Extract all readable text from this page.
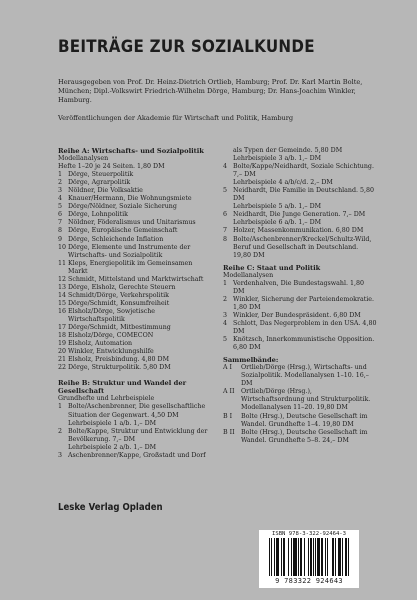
BEITRÄGE ZUR SOZIALKUNDE

Herausgegeben von Prof. Dr. Heinz-Dietrich Ortlieb, Hamburg; Prof. Dr. Karl Martin Bolte, München; Dipl.-Volkswirt Friedrich-Wilhelm Dörge, Hamburg; Dr. Hans-Joachim Winkler, Hamburg.

Veröffentlichungen der Akademie für Wirtschaft und Politik, Hamburg

Reihe A: Wirtschafts- und Sozialpolitik

Modellanalysen

Hefte 1–20 je 24 Seiten. 1,80 DM

1 Dörge, Steuerpolitik
2 Dörge, Agrarpolitik
3 Nöldner, Die Volksaktie
4 Knauer/Hermann, Die Wohnungsmiete
5 Dörge/Nöldner, Soziale Sicherung
6 Dörge, Lohnpolitik
7 Nöldner, Föderalismus und Unitarismus
8 Dörge, Europäische Gemeinschaft
9 Dörge, Schleichende Inflation
10 Dörge, Elemente und Instrumente der Wirtschafts- und Sozialpolitik
11 Kleps, Energiepolitik im Gemeinsamen Markt
12 Schmidt, Mittelstand und Marktwirtschaft
13 Dörge, Elsholz, Gerechte Steuern
14 Schmidt/Dörge, Verkehrspolitik
15 Dörge/Schmidt, Konsumfreiheit
16 Elsholz/Dörge, Sowjetische Wirtschaftspolitik
17 Dörge/Schmidt, Mitbestimmung
18 Elsholz/Dörge, COMECON
19 Elsholz, Automation
20 Winkler, Entwicklungshilfe
21 Elsholz, Preisbindung. 4,80 DM
22 Dörge, Strukturpolitik. 5,80 DM

Reihe B: Struktur und Wandel der Gesellschaft

Grundhefte und Lehrbeispiele

1 Bolte/Aschenbrenner, Die gesellschaftliche Situation der Gegenwart. 4,50 DM
Lehrbeispiele 1 a/b. 1,– DM
2 Bolte/Kappe, Struktur und Entwicklung der Bevölkerung. 7,– DM
Lehrbeispiele 2 a/b. 1,– DM
3 Aschenbrenner/Kappe, Großstadt und Dorf
als Typen der Gemeinde. 5,80 DM
Lehrbeispiele 3 a/b. 1,– DM
4 Bolte/Kappe/Neidhardt, Soziale Schichtung. 7,– DM
Lehrbeispiele 4 a/b/c/d. 2,– DM
5 Neidhardt, Die Familie in Deutschland. 5,80 DM
Lehrbeispiele 5 a/b. 1,– DM
6 Neidhardt, Die Junge Generation. 7,– DM
Lehrbeispiele 6 a/b. 1,– DM
7 Holzer, Massenkommunikation. 6,80 DM
8 Bolte/Aschenbrenner/Kreckel/Schultz-Wild, Beruf und Gesellschaft in Deutschland. 19,80 DM

Reihe C: Staat und Politik

Modellanalysen

1 Verdenhalven, Die Bundestagswahl. 1,80 DM
2 Winkler, Sicherung der Parteiendemokratie. 1,80 DM
3 Winkler, Der Bundespräsident. 6,80 DM
4 Schlott, Das Negerproblem in den USA. 4,80 DM
5 Knötzsch, Innerkommunistische Opposition. 6,80 DM

Sammelbände:

A I	Ortlieb/Dörge (Hrsg.), Wirtschafts- und Sozialpolitik. Modellanalysen 1–10. 16,– DM
A II	Ortlieb/Dörge (Hrsg.), Wirtschaftsordnung und Strukturpolitik. Modellanalysen 11–20. 19,80 DM
B I	Bolte (Hrsg.), Deutsche Gesellschaft im Wandel. Grundhefte 1–4. 19,80 DM
B II	Bolte (Hrsg.), Deutsche Gesellschaft im Wandel. Grundhefte 5–8. 24,– DM

Leske Verlag Opladen

ISBN 978-3-322-92464-3
9 783322 924643
